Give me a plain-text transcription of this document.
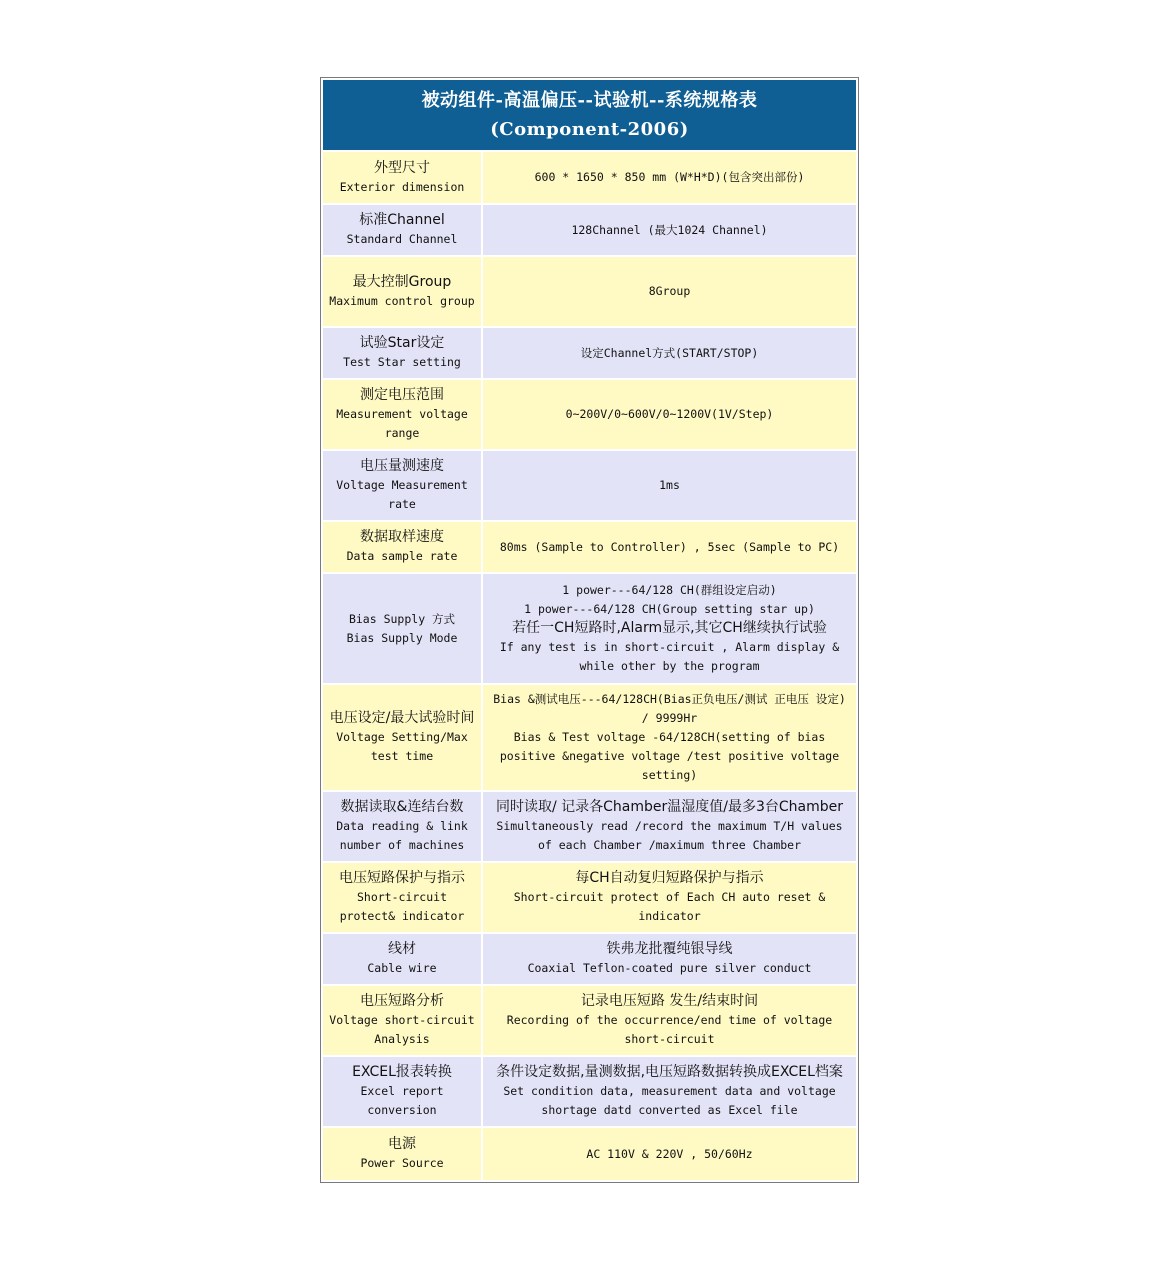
被动组件-高温偏压--试验机--系统规格表
(Component-2006)	

外型尺寸
Exterior dimension	600 * 1650 * 850 mm (W*H*D)(包含突出部份)

标准Channel
Standard Channel	128Channel (最大1024 Channel)

最大控制Group
Maximum control group	8Group

试验Star设定
Test Star setting	设定Channel方式(START/STOP)

测定电压范围
Measurement voltage range	0~200V/0~600V/0~1200V(1V/Step)

电压量测速度
Voltage Measurement rate	1ms

数据取样速度
Data sample rate	80ms (Sample to Controller) , 5sec (Sample to PC)

Bias Supply 方式
Bias Supply Mode	1 power---64/128 CH(群组设定启动)
1 power---64/128 CH(Group setting star up)
若任一CH短路时,Alarm显示,其它CH继续执行试验
If any test is in short-circuit , Alarm display & while other by the program

电压设定/最大试验时间
Voltage Setting/Max test time	Bias &测试电压---64/128CH(Bias正负电压/测试 正电压 设定) / 9999Hr
Bias & Test voltage -64/128CH(setting of bias positive &negative voltage /test positive voltage setting)

数据读取&连结台数
Data reading & link number of machines	同时读取/ 记录各Chamber温湿度值/最多3台Chamber
Simultaneously read /record the maximum T/H values of each Chamber /maximum three Chamber

电压短路保护与指示
Short-circuit protect& indicator	每CH自动复归短路保护与指示
Short-circuit protect of Each CH auto reset & indicator

线材
Cable wire	铁弗龙批覆纯银导线
Coaxial Teflon-coated pure silver conduct

电压短路分析
Voltage short-circuit Analysis	记录电压短路 发生/结束时间
Recording of the occurrence/end time of voltage short-circuit

EXCEL报表转换
Excel report conversion	条件设定数据,量测数据,电压短路数据转换成EXCEL档案
Set condition data, measurement data and voltage shortage datd converted as Excel file

电源
Power Source	AC 110V & 220V , 50/60Hz
